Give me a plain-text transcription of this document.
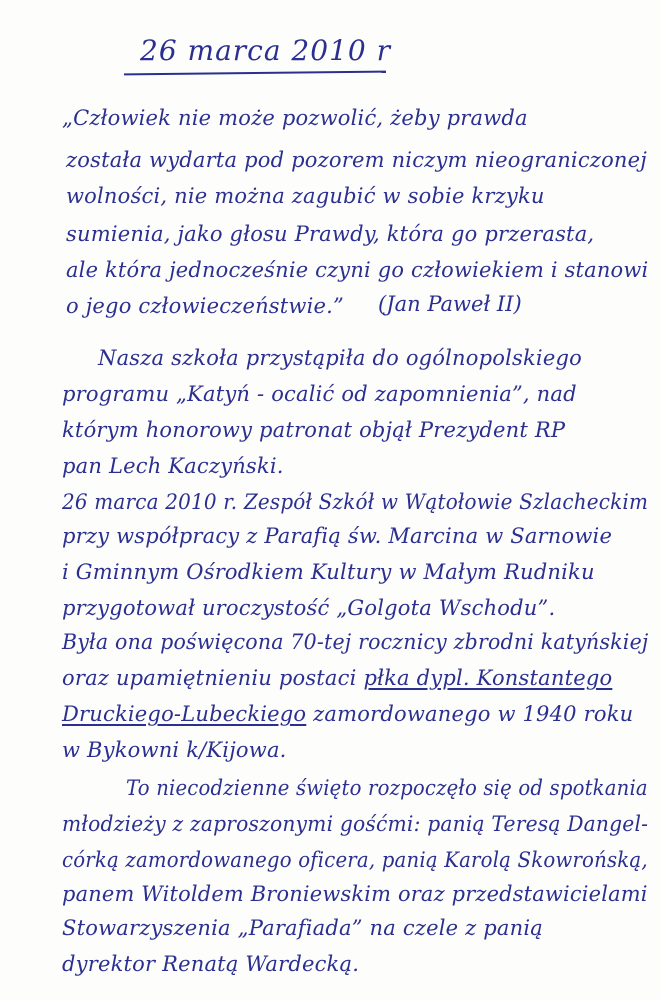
26 marca 2010 r
„Człowiek nie może pozwolić, żeby prawda
została wydarta pod pozorem niczym nieograniczonej
wolności, nie można zagubić w sobie krzyku
sumienia, jako głosu Prawdy, która go przerasta,
ale która jednocześnie czyni go człowiekiem i stanowi
o jego człowieczeństwie.” (Jan Paweł II)
Nasza szkoła przystąpiła do ogólnopolskiego
programu „Katyń - ocalić od zapomnienia”, nad
którym honorowy patronat objął Prezydent RP
pan Lech Kaczyński.
26 marca 2010 r. Zespół Szkół w Wątołowie Szlacheckim
przy współpracy z Parafią św. Marcina w Sarnowie
i Gminnym Ośrodkiem Kultury w Małym Rudniku
przygotował uroczystość „Golgota Wschodu”.
Była ona poświęcona 70-tej rocznicy zbrodni katyńskiej
oraz upamiętnieniu postaci płka dypl. Konstantego
Druckiego-Lubeckiego zamordowanego w 1940 roku
w Bykowni k/Kijowa.
To niecodzienne święto rozpoczęło się od spotkania
młodzieży z zaproszonymi gośćmi: panią Teresą Dangel-
córką zamordowanego oficera, panią Karolą Skowrońską,
panem Witoldem Broniewskim oraz przedstawicielami
Stowarzyszenia „Parafiada” na czele z panią
dyrektor Renatą Wardecką.
